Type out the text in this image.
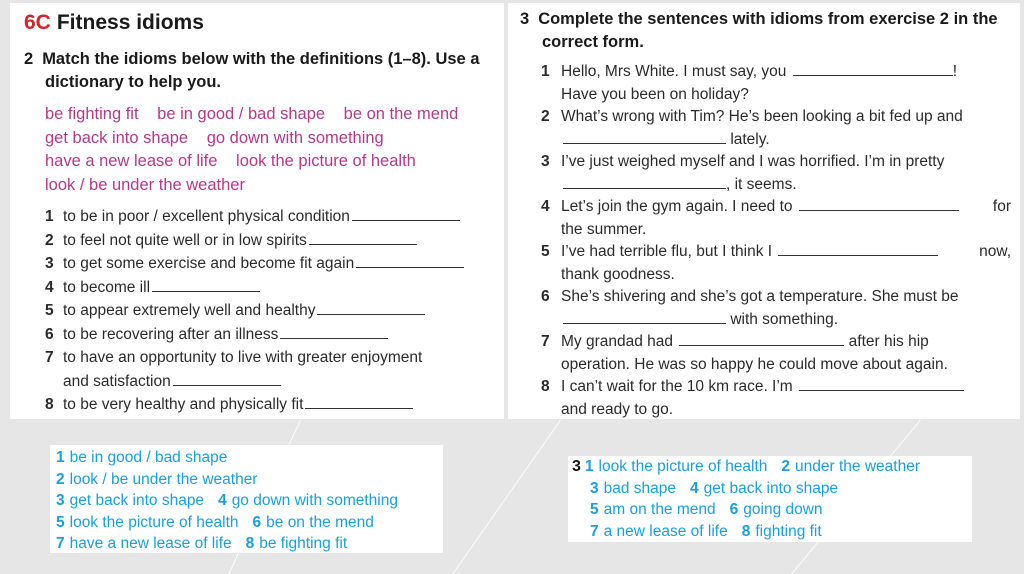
6C Fitness idioms
2 Match the idioms below with the definitions (1–8). Use a
dictionary to help you.
be fighting fit be in good / bad shape be on the mend
get back into shape go down with something
have a new lease of life look the picture of health
look / be under the weather
1 to be in poor / excellent physical condition
2 to feel not quite well or in low spirits
3 to get some exercise and become fit again
4 to become ill
5 to appear extremely well and healthy
6 to be recovering after an illness
7 to have an opportunity to live with greater enjoyment
and satisfaction
8 to be very healthy and physically fit
3 Complete the sentences with idioms from exercise 2 in the
correct form.
1 Hello, Mrs White. I must say, you	!
Have you been on holiday?
2 What’s wrong with Tim? He’s been looking a bit fed up and
lately.
3 I’ve just weighed myself and I was horrified. I’m in pretty
, it seems.
4 Let’s join the gym again. I need to	for
the summer.
5 I’ve had terrible flu, but I think I	now,
thank goodness.
6 She’s shivering and she’s got a temperature. She must be
with something.
7 My grandad had	after his hip
operation. He was so happy he could move about again.
8 I can’t wait for the 10 km race. I’m
and ready to go.
1 be in good / bad shape
2 look / be under the weather
3 get back into shape 4 go down with something
5 look the picture of health 6 be on the mend
7 have a new lease of life 8 be fighting fit
3 1 look the picture of health 2 under the weather
3 bad shape 4 get back into shape
5 am on the mend 6 going down
7 a new lease of life 8 fighting fit
